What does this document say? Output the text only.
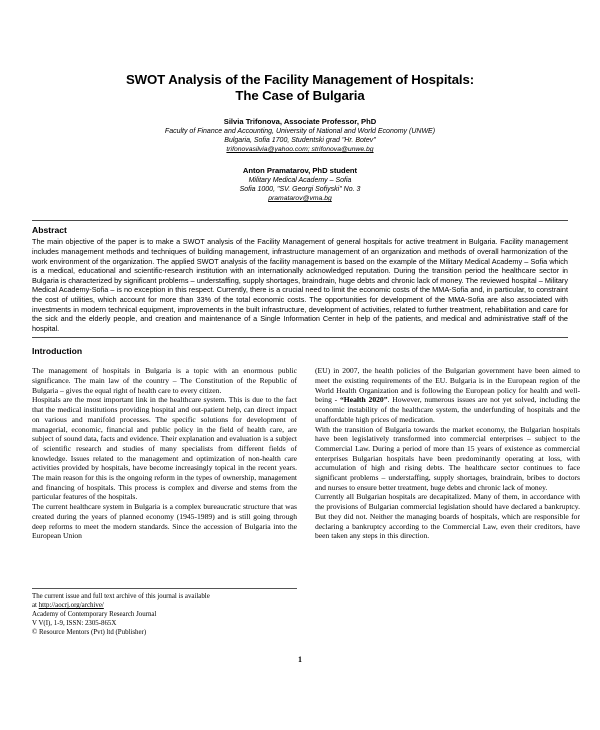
SWOT Analysis of the Facility Management of Hospitals:
The Case of Bulgaria

Silvia Trifonova, Associate Professor, PhD

Faculty of Finance and Accounting, University of National and World Economy (UNWE)

Bulgaria, Sofia 1700, Studentski grad "Hr. Botev"

trifonovasilvia@yahoo.com; strifonova@unwe.bg

Anton Pramatarov, PhD student

Military Medical Academy – Sofia

Sofia 1000, "SV. Georgi Sofiyski" No. 3

pramatarov@vma.bg

Abstract

The main objective of the paper is to make a SWOT analysis of the Facility Management of general hospitals for active treatment in Bulgaria. Facility management includes management methods and techniques of building management, infrastructure management of an organization and methods of overall harmonization of the work environment of the organization. The applied SWOT analysis of the facility management is based on the example of the Military Medical Academy – Sofia which is a medical, educational and scientific-research institution with an internationally acknowledged reputation. During the transition period the healthcare sector in Bulgaria is characterized by significant problems – understaffing, supply shortages, braindrain, huge debts and chronic lack of money. The reviewed hospital – Military Medical Academy-Sofia – is no exception in this respect. Currently, there is a crucial need to limit the economic costs of the MMA-Sofia and, in particular, to constraint the cost of utilities, which account for more than 33% of the total economic costs. The opportunities for development of the MMA-Sofia are also associated with investments in modern technical equipment, improvements in the built infrastructure, development of activities, related to further treatment, rehabilitation and care for the sick and the elderly people, and creation and maintenance of a Single Information Center in help of the patients, and medical and administrative staff of the hospital.

Introduction

The management of hospitals in Bulgaria is a topic with an enormous public significance. The main law of the country – The Constitution of the Republic of Bulgaria – gives the equal right of health care to every citizen.

Hospitals are the most important link in the healthcare system. This is due to the fact that the medical institutions providing hospital and out-patient help, can direct impact on various and manifold processes. The specific solutions for development of managerial, economic, financial and public policy in the field of health care, are subject of sound data, facts and evidence. Their explanation and evaluation is a subject of scientific research and studies of many specialists from different fields of knowledge. Issues related to the management and optimization of non-health care activities provided by hospitals, have become increasingly topical in the recent years. The main reason for this is the ongoing reform in the types of ownership, management and financing of hospitals. This process is complex and diverse and stems from the particular features of the hospitals.

The current healthcare system in Bulgaria is a complex bureaucratic structure that was created during the years of planned economy (1945-1989) and is still going through deep reforms to meet the modern standards. Since the accession of Bulgaria into the European Union

(EU) in 2007, the health policies of the Bulgarian government have been aimed to meet the existing requirements of the EU. Bulgaria is in the European region of the World Health Organization and is following the European policy for health and well-being - “Health 2020”. However, numerous issues are not yet solved, including the economic instability of the healthcare system, the underfunding of hospitals and the unaffordable high prices of medication.

With the transition of Bulgaria towards the market economy, the Bulgarian hospitals have been legislatively transformed into commercial enterprises – subject to the Commercial Law. During a period of more than 15 years of existence as commercial enterprises Bulgarian hospitals have been predominantly operating at loss, with accumulation of high and rising debts. The healthcare sector continues to face significant problems – understaffing, supply shortages, braindrain, bribes to doctors and nurses to ensure better treatment, huge debts and chronic lack of money.

Currently all Bulgarian hospitals are decapitalized. Many of them, in accordance with the provisions of Bulgarian commercial legislation should have declared a bankruptcy. But they did not. Neither the managing boards of hospitals, which are responsible for declaring a bankruptcy according to the Commercial Law, even their creditors, have been taken any steps in this direction.

The current issue and full text archive of this journal is available

at http://aocrj.org/archive/

Academy of Contemporary Research Journal

V V(I), 1-9, ISSN: 2305-865X

© Resource Mentors (Pvt) ltd (Publisher)

1
